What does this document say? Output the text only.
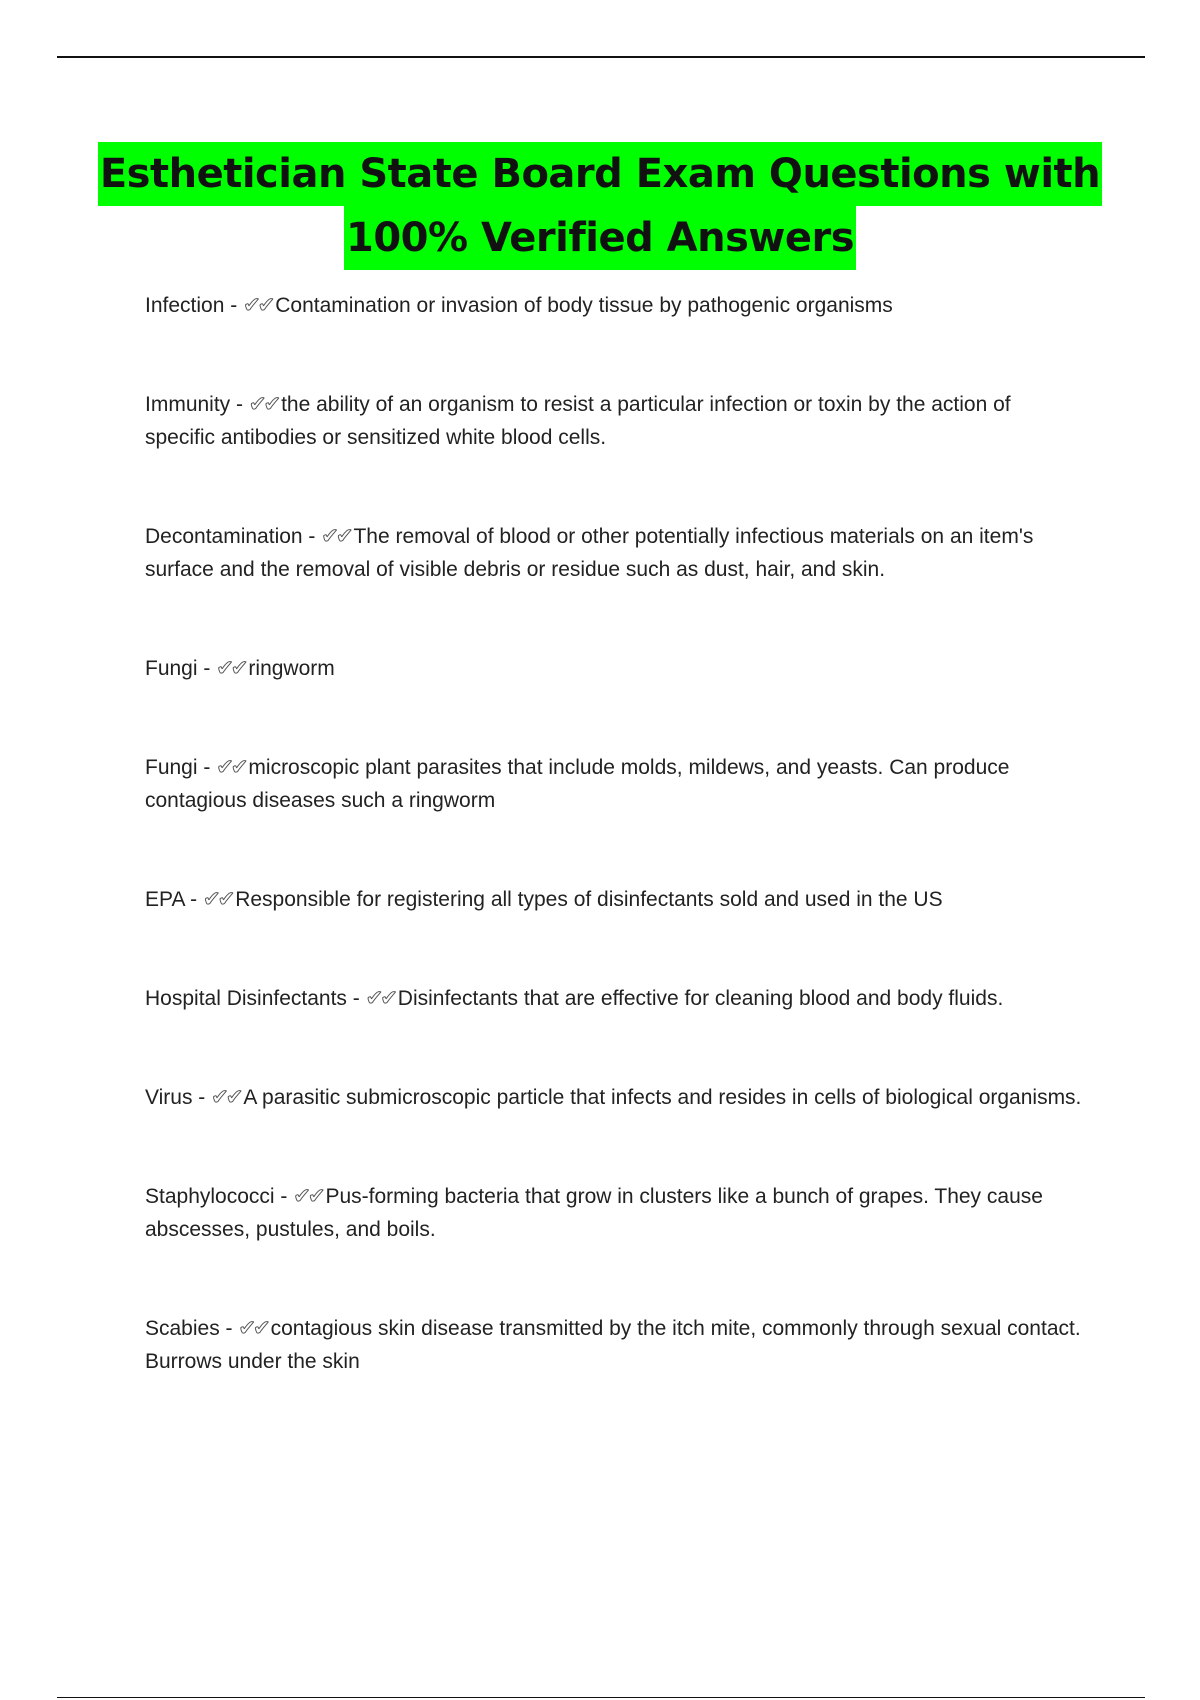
Esthetician State Board Exam Questions with
100% Verified Answers

Infection - ✔✔ Contamination or invasion of body tissue by pathogenic organisms

Immunity - ✔✔ the ability of an organism to resist a particular infection or toxin by the action of specific antibodies or sensitized white blood cells.

Decontamination - ✔✔ The removal of blood or other potentially infectious materials on an item's surface and the removal of visible debris or residue such as dust, hair, and skin.

Fungi - ✔✔ ringworm

Fungi - ✔✔ microscopic plant parasites that include molds, mildews, and yeasts. Can produce contagious diseases such a ringworm

EPA - ✔✔ Responsible for registering all types of disinfectants sold and used in the US

Hospital Disinfectants - ✔✔ Disinfectants that are effective for cleaning blood and body fluids.

Virus - ✔✔ A parasitic submicroscopic particle that infects and resides in cells of biological organisms.

Staphylococci - ✔✔ Pus-forming bacteria that grow in clusters like a bunch of grapes. They cause abscesses, pustules, and boils.

Scabies - ✔✔ contagious skin disease transmitted by the itch mite, commonly through sexual contact. Burrows under the skin
